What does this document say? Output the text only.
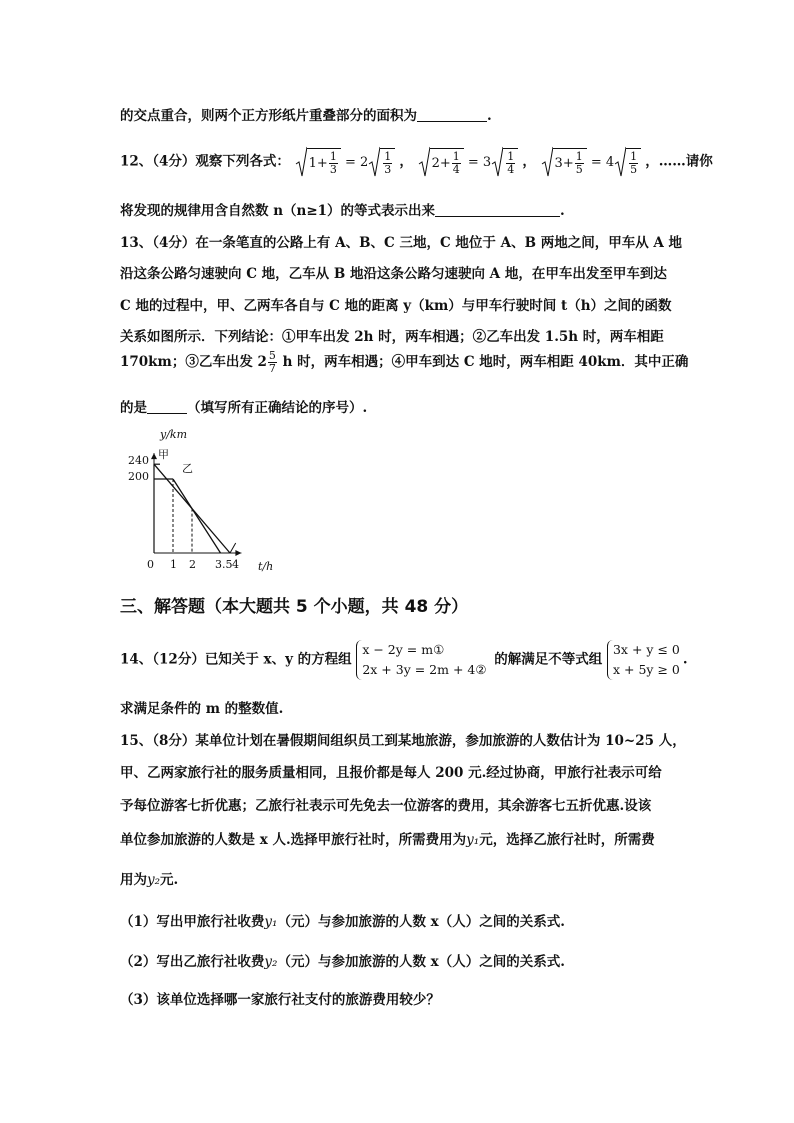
的交点重合，则两个正方形纸片重叠部分的面积为	.
12、（4分）观察下列各式： $1+ \frac{1}{3} = 2 \frac{1}{3}$ ， $2+ \frac{1}{4} = 3 \frac{1}{4}$ ， $3+ \frac{1}{5} = 4 \frac{1}{5}$ ，……请你
将发现的规律用含自然数 n（n≥1）的等式表示出来	.
13、（4分）在一条笔直的公路上有 A、B、C 三地，C 地位于 A、B 两地之间，甲车从 A 地
沿这条公路匀速驶向 C 地，乙车从 B 地沿这条公路匀速驶向 A 地，在甲车出发至甲车到达
C 地的过程中，甲、乙两车各自与 C 地的距离 y（km）与甲车行驶时间 t（h）之间的函数
关系如图所示．下列结论：①甲车出发 2h 时，两车相遇；②乙车出发 1.5h 时，两车相距
170km；③乙车出发 $2 \frac{5}{7}$ h 时，两车相遇；④甲车到达 C 地时，两车相距 40km．其中正确
的是	（填写所有正确结论的序号）.
y/km
t/h
240
200
0 1 2 3.5 4
甲
乙
三、解答题（本大题共 5 个小题，共 48 分）
14、（12分）已知关于 x、y 的方程组
x − 2y = m①
2x + 3y = 2m + 4②
的解满足不等式组
3x + y ≤ 0
x + 5y ≥ 0
.
求满足条件的 m 的整数值.
15、（8分）某单位计划在暑假期间组织员工到某地旅游，参加旅游的人数估计为 10~25 人，
甲、乙两家旅行社的服务质量相同，且报价都是每人 200 元.经过协商，甲旅行社表示可给
予每位游客七折优惠；乙旅行社表示可先免去一位游客的费用，其余游客七五折优惠.设该
单位参加旅游的人数是 x 人.选择甲旅行社时，所需费用为y₁元，选择乙旅行社时，所需费
用为y₂元.
（1）写出甲旅行社收费y₁（元）与参加旅游的人数 x（人）之间的关系式.
（2）写出乙旅行社收费y₂（元）与参加旅游的人数 x（人）之间的关系式.
（3）该单位选择哪一家旅行社支付的旅游费用较少？
